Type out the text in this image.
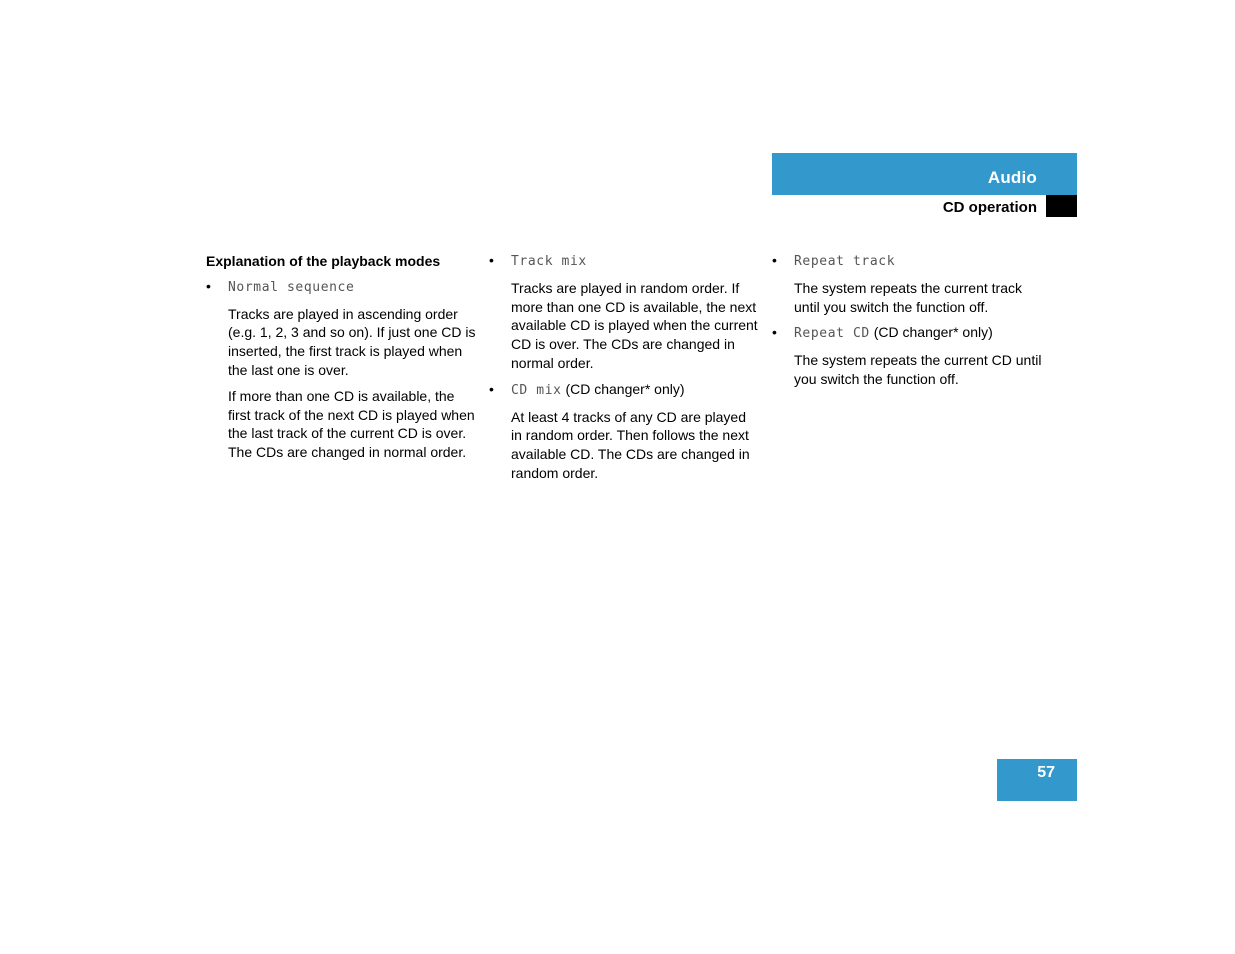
Audio
CD operation
Explanation of the playback modes
•	Normal sequence
Tracks are played in ascending order (e.g. 1, 2, 3 and so on). If just one CD is inserted, the first track is played when the last one is over.
If more than one CD is available, the first track of the next CD is played when the last track of the current CD is over. The CDs are changed in normal order.
•	Track mix
Tracks are played in random order. If more than one CD is available, the next available CD is played when the current CD is over. The CDs are changed in normal order.
•	CD mix (CD changer* only)
At least 4 tracks of any CD are played in random order. Then follows the next available CD. The CDs are changed in random order.
•	Repeat track
The system repeats the current track until you switch the function off.
•	Repeat CD (CD changer* only)
The system repeats the current CD until you switch the function off.
57
